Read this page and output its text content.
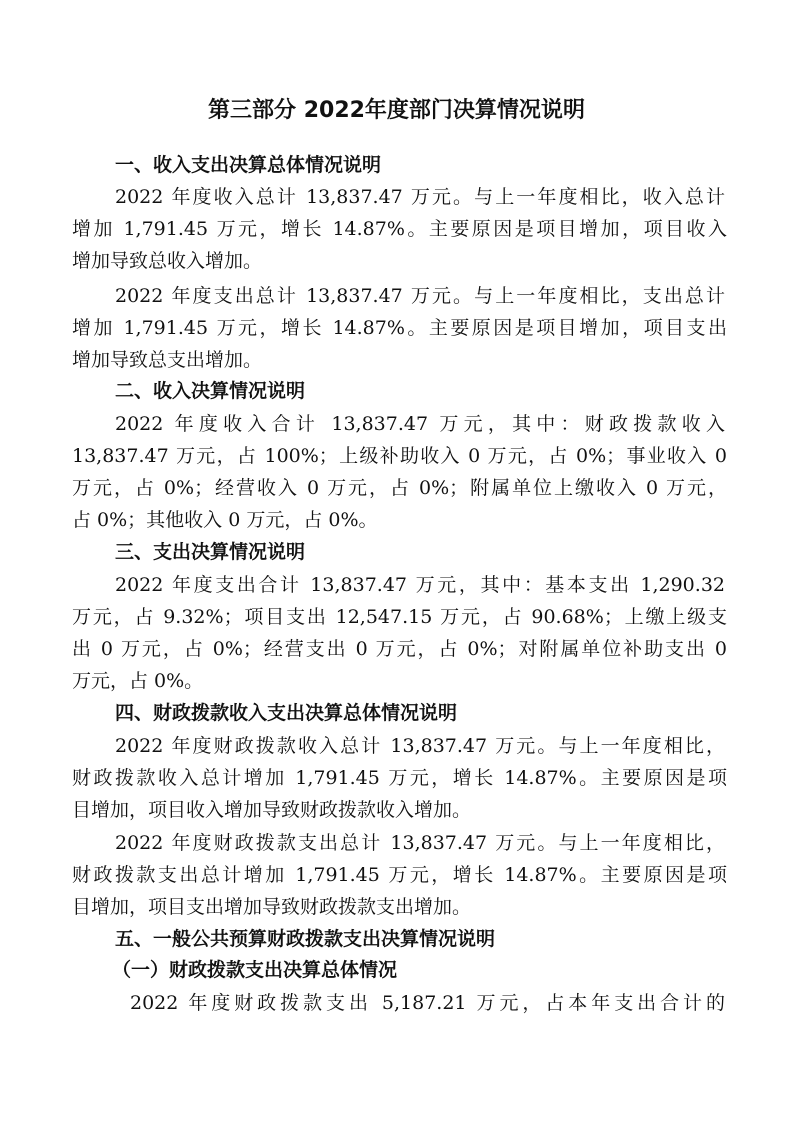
第三部分 2022年度部门决算情况说明
一、收入支出决算总体情况说明
2022 年度收入总计 13,837.47 万元。与上一年度相比，收入总计
增加 1,791.45 万元，增长 14.87%。主要原因是项目增加，项目收入
增加导致总收入增加。
2022 年度支出总计 13,837.47 万元。与上一年度相比，支出总计
增加 1,791.45 万元，增长 14.87%。主要原因是项目增加，项目支出
增加导致总支出增加。
二、收入决算情况说明
2022 年度收入合计 13,837.47 万元，其中：财政拨款收入
13,837.47 万元，占 100%；上级补助收入 0 万元，占 0%；事业收入 0
万元，占 0%；经营收入 0 万元，占 0%；附属单位上缴收入 0 万元，
占 0%；其他收入 0 万元，占 0%。
三、支出决算情况说明
2022 年度支出合计 13,837.47 万元，其中：基本支出 1,290.32
万元，占 9.32%；项目支出 12,547.15 万元，占 90.68%；上缴上级支
出 0 万元，占 0%；经营支出 0 万元，占 0%；对附属单位补助支出 0
万元，占 0%。
四、财政拨款收入支出决算总体情况说明
2022 年度财政拨款收入总计 13,837.47 万元。与上一年度相比，
财政拨款收入总计增加 1,791.45 万元，增长 14.87%。主要原因是项
目增加，项目收入增加导致财政拨款收入增加。
2022 年度财政拨款支出总计 13,837.47 万元。与上一年度相比，
财政拨款支出总计增加 1,791.45 万元，增长 14.87%。主要原因是项
目增加，项目支出增加导致财政拨款支出增加。
五、一般公共预算财政拨款支出决算情况说明
（一）财政拨款支出决算总体情况
2022 年度财政拨款支出 5,187.21 万元，占本年支出合计的
